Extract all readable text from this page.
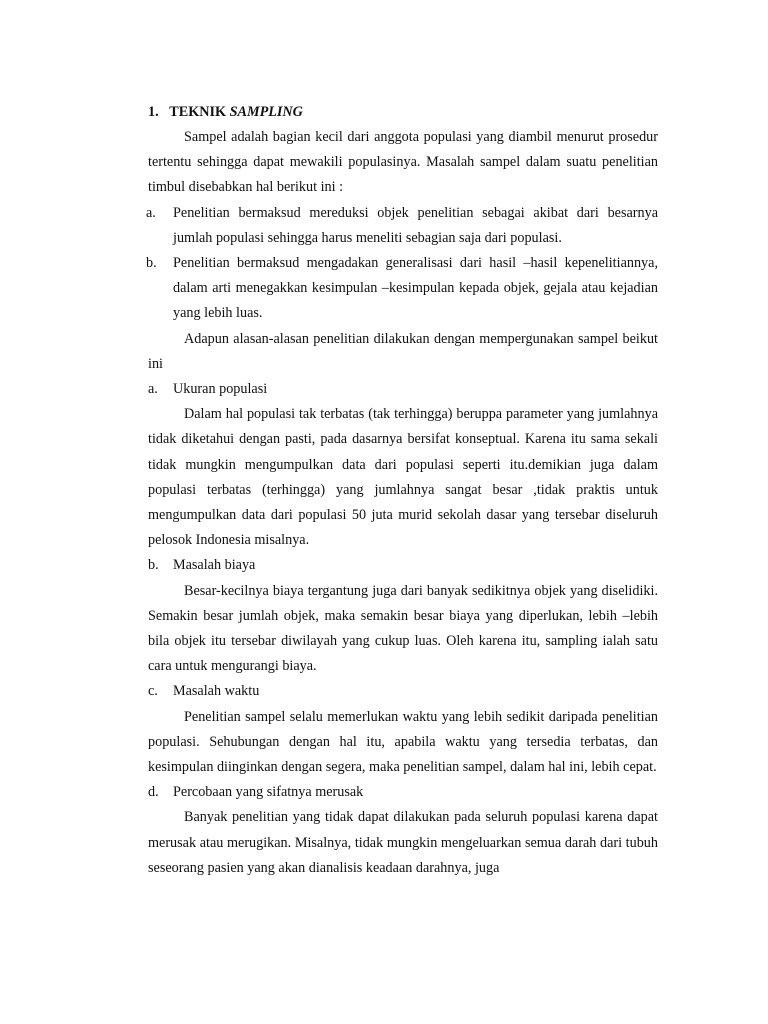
1. TEKNIK SAMPLING

Sampel adalah bagian kecil dari anggota populasi yang diambil menurut prosedur tertentu sehingga dapat mewakili populasinya. Masalah sampel dalam suatu penelitian timbul disebabkan hal berikut ini :

a. Penelitian bermaksud mereduksi objek penelitian sebagai akibat dari besarnya jumlah populasi sehingga harus meneliti sebagian saja dari populasi.
b. Penelitian bermaksud mengadakan generalisasi dari hasil –hasil kepenelitiannya, dalam arti menegakkan kesimpulan –kesimpulan kepada objek, gejala atau kejadian yang lebih luas.

Adapun alasan-alasan penelitian dilakukan dengan mempergunakan sampel beikut ini

a. Ukuran populasi

Dalam hal populasi tak terbatas (tak terhingga) beruppa parameter yang jumlahnya tidak diketahui dengan pasti, pada dasarnya bersifat konseptual. Karena itu sama sekali tidak mungkin mengumpulkan data dari populasi seperti itu.demikian juga dalam populasi terbatas (terhingga) yang jumlahnya sangat besar ,tidak praktis untuk mengumpulkan data dari populasi 50 juta murid sekolah dasar yang tersebar diseluruh pelosok Indonesia misalnya.

b. Masalah biaya

Besar-kecilnya biaya tergantung juga dari banyak sedikitnya objek yang diselidiki. Semakin besar jumlah objek, maka semakin besar biaya yang diperlukan, lebih –lebih bila objek itu tersebar diwilayah yang cukup luas. Oleh karena itu, sampling ialah satu cara untuk mengurangi biaya.

c. Masalah waktu

Penelitian sampel selalu memerlukan waktu yang lebih sedikit daripada penelitian populasi. Sehubungan dengan hal itu, apabila waktu yang tersedia terbatas, dan kesimpulan diinginkan dengan segera, maka penelitian sampel, dalam hal ini, lebih cepat.

d. Percobaan yang sifatnya merusak

Banyak penelitian yang tidak dapat dilakukan pada seluruh populasi karena dapat merusak atau merugikan. Misalnya, tidak mungkin mengeluarkan semua darah dari tubuh seseorang pasien yang akan dianalisis keadaan darahnya, juga
